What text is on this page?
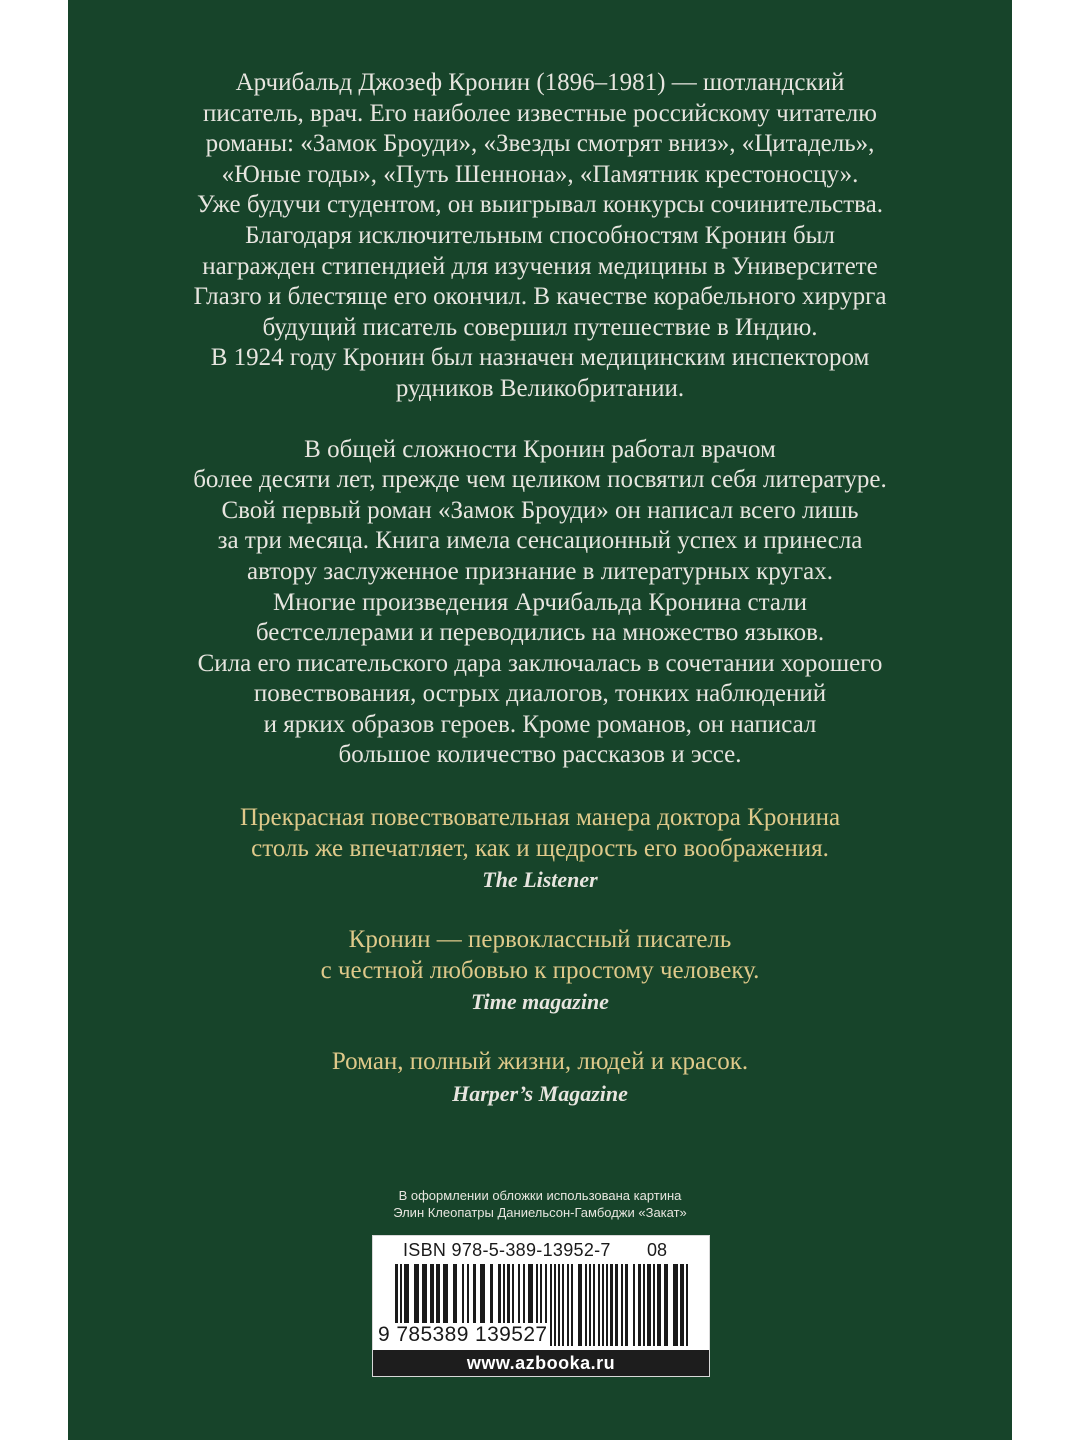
Арчибальд Джозеф Кронин (1896–1981) — шотландский
писатель, врач. Его наиболее известные российскому читателю
романы: «Замок Броуди», «Звезды смотрят вниз», «Цитадель»,
«Юные годы», «Путь Шеннона», «Памятник крестоносцу».
Уже будучи студентом, он выигрывал конкурсы сочинительства.
Благодаря исключительным способностям Кронин был
награжден стипендией для изучения медицины в Университете
Глазго и блестяще его окончил. В качестве корабельного хирурга
будущий писатель совершил путешествие в Индию.
В 1924 году Кронин был назначен медицинским инспектором
рудников Великобритании.
В общей сложности Кронин работал врачом
более десяти лет, прежде чем целиком посвятил себя литературе.
Свой первый роман «Замок Броуди» он написал всего лишь
за три месяца. Книга имела сенсационный успех и принесла
автору заслуженное признание в литературных кругах.
Многие произведения Арчибальда Кронина стали
бестселлерами и переводились на множество языков.
Сила его писательского дара заключалась в сочетании хорошего
повествования, острых диалогов, тонких наблюдений
и ярких образов героев. Кроме романов, он написал
большое количество рассказов и эссе.
Прекрасная повествовательная манера доктора Кронина
столь же впечатляет, как и щедрость его воображения.
The Listener
Кронин — первоклассный писатель
с честной любовью к простому человеку.
Time magazine
Роман, полный жизни, людей и красок.
Harper’s Magazine
В оформлении обложки использована картина
Элин Клеопатры Даниельсон-Гамбоджи «Закат»
ISBN 978-5-389-13952-7 08
9 785389 139527
www.azbooka.ru
